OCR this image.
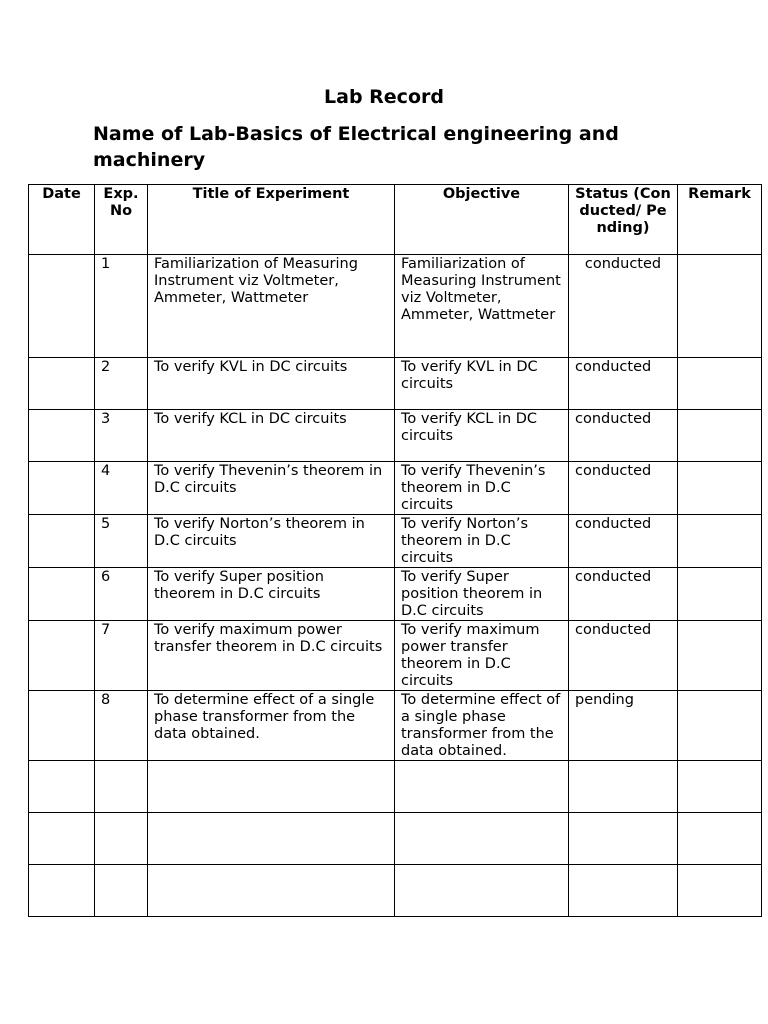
Lab Record
Name of Lab-Basics of Electrical engineering and machinery
Date	Exp. No	Title of Experiment	Objective	Status (Conducted/ Pending)	Remark
	1	Familiarization of Measuring Instrument viz Voltmeter, Ammeter, Wattmeter	Familiarization of Measuring Instrument viz Voltmeter, Ammeter, Wattmeter	conducted	
	2	To verify KVL in DC circuits	To verify KVL in DC circuits	conducted	
	3	To verify KCL in DC circuits	To verify KCL in DC circuits	conducted	
	4	To verify Thevenin’s theorem in D.C circuits	To verify Thevenin’s theorem in D.C circuits	conducted	
	5	To verify Norton’s theorem in D.C circuits	To verify Norton’s theorem in D.C circuits	conducted	
	6	To verify Super position theorem in D.C circuits	To verify Super position theorem in D.C circuits	conducted	
	7	To verify maximum power transfer theorem in D.C circuits	To verify maximum power transfer theorem in D.C circuits	conducted	
	8	To determine effect of a single phase transformer from the data obtained.	To determine effect of a single phase transformer from the data obtained.	pending	
